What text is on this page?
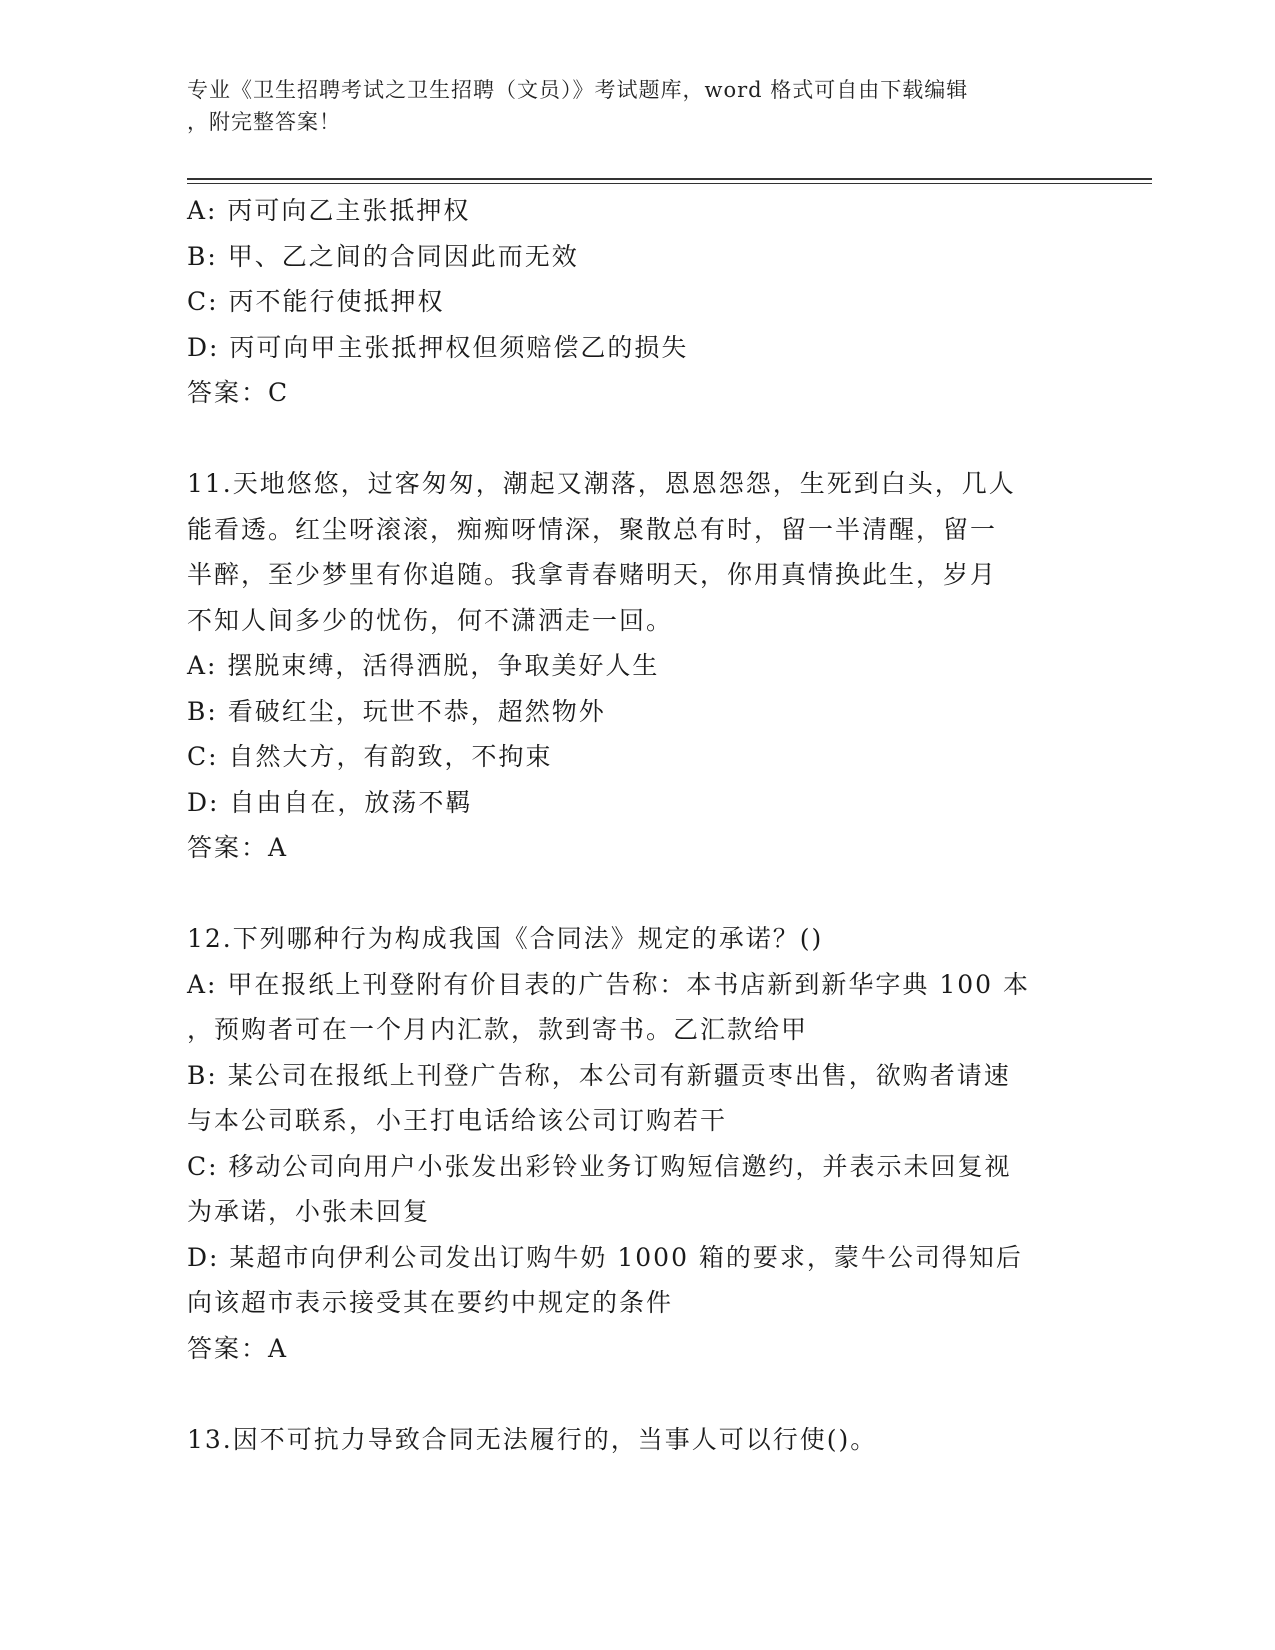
专业《卫生招聘考试之卫生招聘（文员）》考试题库，word 格式可自由下载编辑
，附完整答案！

A: 丙可向乙主张抵押权

B: 甲、乙之间的合同因此而无效

C: 丙不能行使抵押权

D: 丙可向甲主张抵押权但须赔偿乙的损失

答案：C

11.天地悠悠，过客匆匆，潮起又潮落，恩恩怨怨，生死到白头，几人

能看透。红尘呀滚滚，痴痴呀情深，聚散总有时，留一半清醒，留一

半醉，至少梦里有你追随。我拿青春赌明天，你用真情换此生，岁月

不知人间多少的忧伤，何不潇洒走一回。

A: 摆脱束缚，活得洒脱，争取美好人生

B: 看破红尘，玩世不恭，超然物外

C: 自然大方，有韵致，不拘束

D: 自由自在，放荡不羁

答案：A

12.下列哪种行为构成我国《合同法》规定的承诺？()

A: 甲在报纸上刊登附有价目表的广告称：本书店新到新华字典 100 本

，预购者可在一个月内汇款，款到寄书。乙汇款给甲

B: 某公司在报纸上刊登广告称，本公司有新疆贡枣出售，欲购者请速

与本公司联系，小王打电话给该公司订购若干

C: 移动公司向用户小张发出彩铃业务订购短信邀约，并表示未回复视

为承诺，小张未回复

D: 某超市向伊利公司发出订购牛奶 1000 箱的要求，蒙牛公司得知后

向该超市表示接受其在要约中规定的条件

答案：A

13.因不可抗力导致合同无法履行的，当事人可以行使()。
